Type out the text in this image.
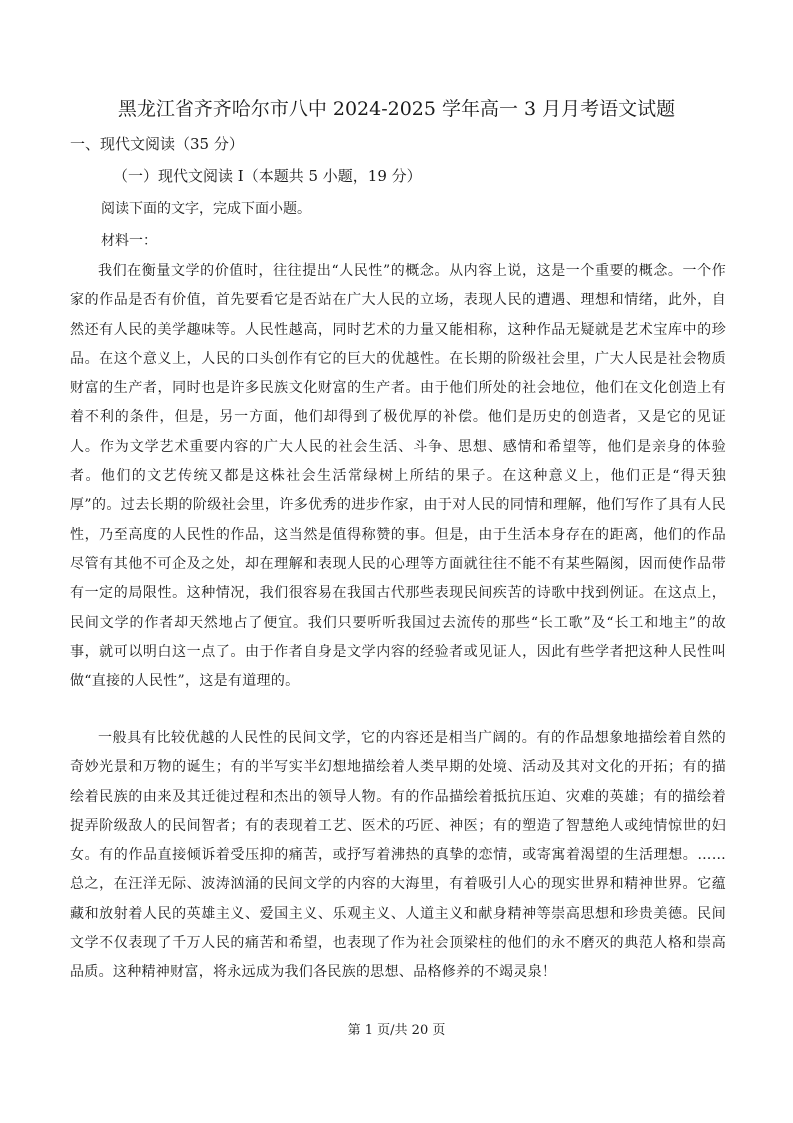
黑龙江省齐齐哈尔市八中 2024-2025 学年高一 3 月月考语文试题
一、现代文阅读（35 分）
（一）现代文阅读 I（本题共 5 小题，19 分）
阅读下面的文字，完成下面小题。
材料一：

我们在衡量文学的价值时，往往提出“人民性”的概念。从内容上说，这是一个重要的概念。一个作家的作品是否有价值，首先要看它是否站在广大人民的立场，表现人民的遭遇、理想和情绪，此外，自然还有人民的美学趣味等。人民性越高，同时艺术的力量又能相称，这种作品无疑就是艺术宝库中的珍品。在这个意义上，人民的口头创作有它的巨大的优越性。在长期的阶级社会里，广大人民是社会物质财富的生产者，同时也是许多民族文化财富的生产者。由于他们所处的社会地位，他们在文化创造上有着不利的条件，但是，另一方面，他们却得到了极优厚的补偿。他们是历史的创造者，又是它的见证人。作为文学艺术重要内容的广大人民的社会生活、斗争、思想、感情和希望等，他们是亲身的体验者。他们的文艺传统又都是这株社会生活常绿树上所结的果子。在这种意义上，他们正是“得天独厚”的。过去长期的阶级社会里，许多优秀的进步作家，由于对人民的同情和理解，他们写作了具有人民性，乃至高度的人民性的作品，这当然是值得称赞的事。但是，由于生活本身存在的距离，他们的作品尽管有其他不可企及之处，却在理解和表现人民的心理等方面就往往不能不有某些隔阂，因而使作品带有一定的局限性。这种情况，我们很容易在我国古代那些表现民间疾苦的诗歌中找到例证。在这点上，民间文学的作者却天然地占了便宜。我们只要听听我国过去流传的那些“长工歌”及“长工和地主”的故事，就可以明白这一点了。由于作者自身是文学内容的经验者或见证人，因此有些学者把这种人民性叫做“直接的人民性”，这是有道理的。

一般具有比较优越的人民性的民间文学，它的内容还是相当广阔的。有的作品想象地描绘着自然的奇妙光景和万物的诞生；有的半写实半幻想地描绘着人类早期的处境、活动及其对文化的开拓；有的描绘着民族的由来及其迁徙过程和杰出的领导人物。有的作品描绘着抵抗压迫、灾难的英雄；有的描绘着捉弄阶级敌人的民间智者；有的表现着工艺、医术的巧匠、神医；有的塑造了智慧绝人或纯情惊世的妇女。有的作品直接倾诉着受压抑的痛苦，或抒写着沸热的真挚的恋情，或寄寓着渴望的生活理想。……总之，在汪洋无际、波涛汹涌的民间文学的内容的大海里，有着吸引人心的现实世界和精神世界。它蕴藏和放射着人民的英雄主义、爱国主义、乐观主义、人道主义和献身精神等崇高思想和珍贵美德。民间文学不仅表现了千万人民的痛苦和希望，也表现了作为社会顶梁柱的他们的永不磨灭的典范人格和崇高品质。这种精神财富，将永远成为我们各民族的思想、品格修养的不竭灵泉！

第 1 页/共 20 页
